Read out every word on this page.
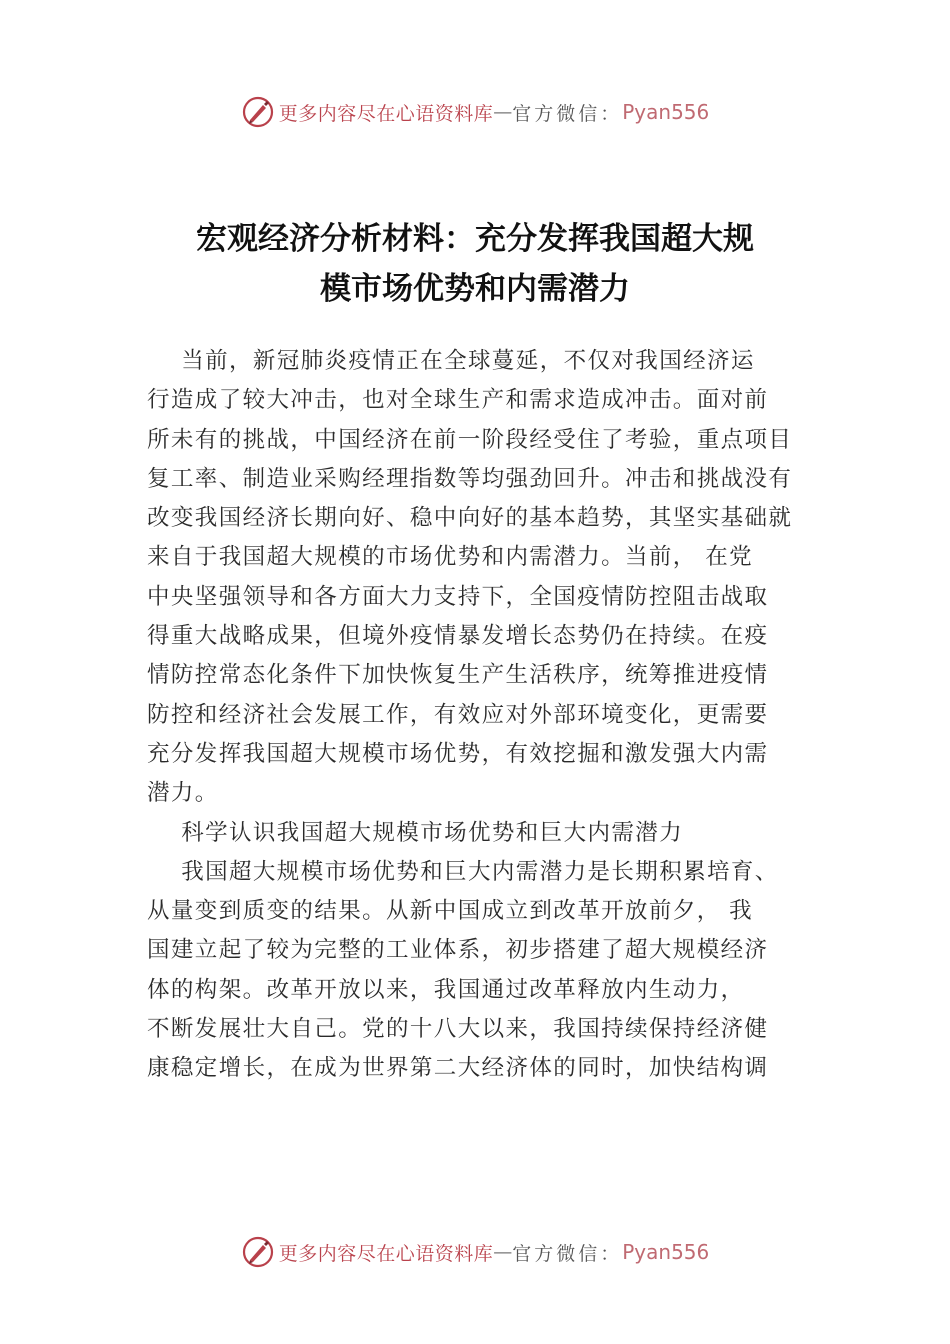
更多内容尽在心语资料库 — 官方微信： Pyan556
宏观经济分析材料：充分发挥我国超大规
模市场优势和内需潜力
当前，新冠肺炎疫情正在全球蔓延，不仅对我国经济运
行造成了较大冲击，也对全球生产和需求造成冲击。面对前
所未有的挑战，中国经济在前一阶段经受住了考验，重点项目
复工率、制造业采购经理指数等均强劲回升。冲击和挑战没有
改变我国经济长期向好、稳中向好的基本趋势，其坚实基础就
来自于我国超大规模的市场优势和内需潜力。当前， 在党
中央坚强领导和各方面大力支持下，全国疫情防控阻击战取
得重大战略成果，但境外疫情暴发增长态势仍在持续。在疫
情防控常态化条件下加快恢复生产生活秩序，统筹推进疫情
防控和经济社会发展工作，有效应对外部环境变化，更需要
充分发挥我国超大规模市场优势，有效挖掘和激发强大内需
潜力。
科学认识我国超大规模市场优势和巨大内需潜力
我国超大规模市场优势和巨大内需潜力是长期积累培育、
从量变到质变的结果。从新中国成立到改革开放前夕， 我
国建立起了较为完整的工业体系，初步搭建了超大规模经济
体的构架。改革开放以来，我国通过改革释放内生动力，
不断发展壮大自己。党的十八大以来，我国持续保持经济健
康稳定增长，在成为世界第二大经济体的同时，加快结构调
更多内容尽在心语资料库 — 官方微信： Pyan556
